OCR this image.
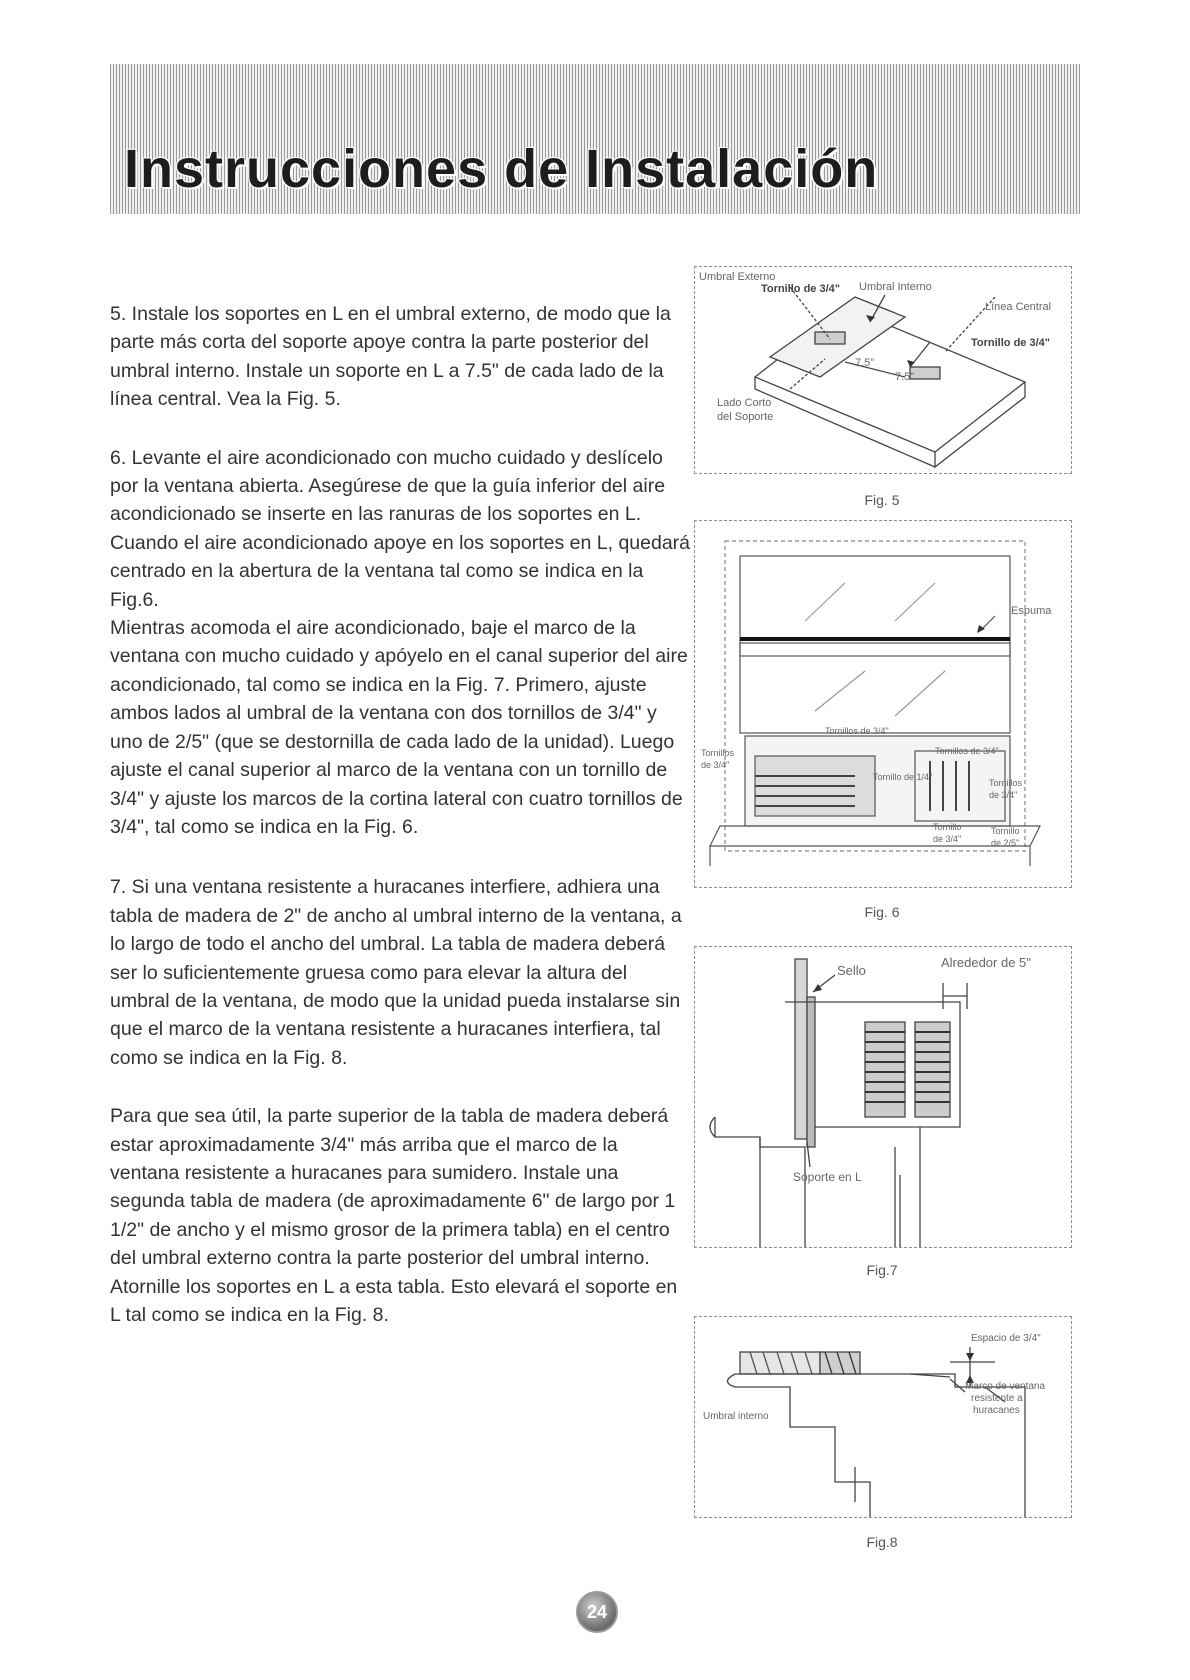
Instrucciones de Instalación

5. Instale los soportes en L en el umbral externo, de modo que la parte más corta del soporte apoye contra la parte posterior del umbral interno. Instale un soporte en L a 7.5" de cada lado de la línea central. Vea la Fig. 5.

6. Levante el aire acondicionado con mucho cuidado y deslícelo por la ventana abierta. Asegúrese de que la guía inferior del aire acondicionado se inserte en las ranuras de los soportes en L. Cuando el aire acondicionado apoye en los soportes en L, quedará centrado en la abertura de la ventana tal como se indica en la Fig.6.

Mientras acomoda el aire acondicionado, baje el marco de la ventana con mucho cuidado y apóyelo en el canal superior del aire acondicionado, tal como se indica en la Fig. 7. Primero, ajuste ambos lados al umbral de la ventana con dos tornillos de 3/4" y uno de 2/5" (que se destornilla de cada lado de la unidad). Luego ajuste el canal superior al marco de la ventana con un tornillo de 3/4" y ajuste los marcos de la cortina lateral con cuatro tornillos de 3/4", tal como se indica en la Fig. 6.

7. Si una ventana resistente a huracanes interfiere, adhiera una tabla de madera de 2" de ancho al umbral interno de la ventana, a lo largo de todo el ancho del umbral. La tabla de madera deberá ser lo suficientemente gruesa como para elevar la altura del umbral de la ventana, de modo que la unidad pueda instalarse sin que el marco de la ventana resistente a huracanes interfiera, tal como se indica en la Fig. 8.

Para que sea útil, la parte superior de la tabla de madera deberá estar aproximadamente 3/4" más arriba que el marco de la ventana resistente a huracanes para sumidero. Instale una segunda tabla de madera (de aproximadamente 6" de largo por 1 1/2" de ancho y el mismo grosor de la primera tabla) en el centro del umbral externo contra la parte posterior del umbral interno. Atornille los soportes en L a esta tabla. Esto elevará el soporte en L tal como se indica en la Fig. 8.

Umbral Externo
Tornillo de 3/4" Umbral Interno
Línea Central
Tornillo de 3/4"
Lado Corto
del Soporte
7.5"
7.5"
Fig. 5
Espuma
Tornillos de 3/4"
Tornillos
de 3/4"
Tornillo de 1/4"
Tornillos de 3/4"
Tornillos
de 3/4"
Tornillo
de 3/4"
Tornillo
de 2/5"
Fig. 6
Sello
Alrededor de 5"
Soporte en L
Fig.7
Espacio de 3/4"
Marco de ventana
resistente a
huracanes
Umbral interno
Fig.8
24
